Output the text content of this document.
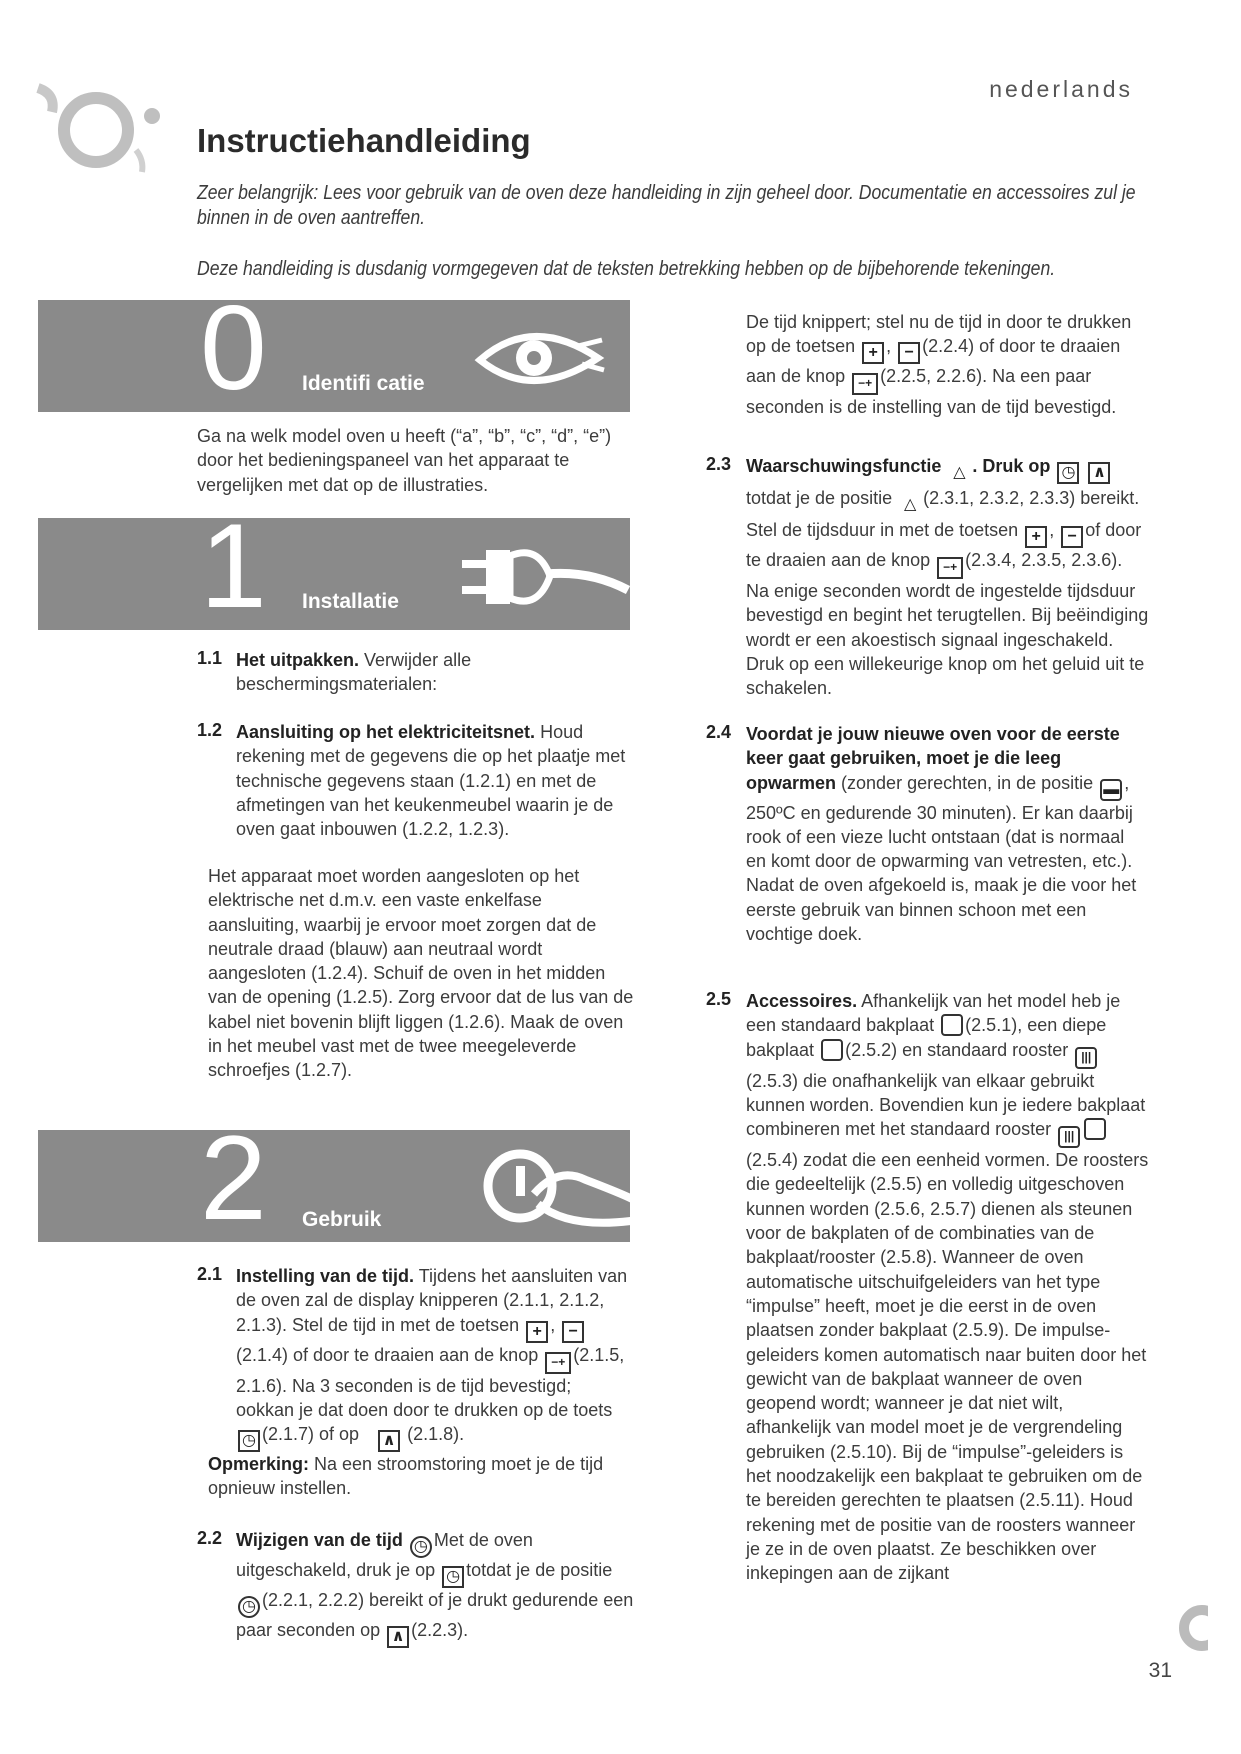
nederlands
Instructiehandleiding
Zeer belangrijk: Lees voor gebruik van de oven deze handleiding in zijn geheel door. Documentatie en accessoires zul je binnen in de oven aantreffen.
Deze handleiding is dusdanig vormgegeven dat de teksten betrekking hebben op de bijbehorende tekeningen.
0 Identifi catie

Ga na welk model oven u heeft (“a”, “b”, “c”, “d”, “e”) door het bedieningspaneel van het apparaat te vergelijken met dat op de illustraties.

1 Installatie
1.1 Het uitpakken. Verwijder alle beschermingsmaterialen:

1.2 Aansluiting op het elektriciteitsnet. Houd rekening met de gegevens die op het plaatje met technische gegevens staan (1.2.1) en met de afmetingen van het keukenmeubel waarin je de oven gaat inbouwen (1.2.2, 1.2.3).

Het apparaat moet worden aangesloten op het elektrische net d.m.v. een vaste enkelfase aansluiting, waarbij je ervoor moet zorgen dat de neutrale draad (blauw) aan neutraal wordt aangesloten (1.2.4). Schuif de oven in het midden van de opening (1.2.5). Zorg ervoor dat de lus van de kabel niet bovenin blijft liggen (1.2.6). Maak de oven in het meubel vast met de twee meegeleverde schroefjes (1.2.7).

2 Gebruik
2.1 Instelling van de tijd. Tijdens het aansluiten van de oven zal de display knipperen (2.1.1, 2.1.2, 2.1.3). Stel de tijd in met de toetsen + , −(2.1.4) of door te draaien aan de knop −+ (2.1.5, 2.1.6). Na 3 seconden is de tijd bevestigd; ookkan je dat doen door te drukken op de toets ◷ (2.1.7) of op ∧ (2.1.8).

Opmerking: Na een stroomstoring moet je de tijd opnieuw instellen.

2.2 Wijzigen van de tijd ◷ Met de oven uitgeschakeld, druk je op ◷ totdat je de positie ◷ (2.2.1, 2.2.2) bereikt of je drukt gedurende een paar seconden op ∧ (2.2.3).

De tijd knippert; stel nu de tijd in door te drukken op de toetsen + , − (2.2.4) of door te draaien aan de knop −+ (2.2.5, 2.2.6). Na een paar seconden is de instelling van de tijd bevestigd.

2.3 Waarschuwingsfunctie △ . Druk op ◷ ∧totdat je de positie △ (2.3.1, 2.3.2, 2.3.3) bereikt. Stel de tijdsduur in met de toetsen + , − of door te draaien aan de knop −+ (2.3.4, 2.3.5, 2.3.6). Na enige seconden wordt de ingestelde tijdsduur bevestigd en begint het terugtellen. Bij beëindiging wordt er een akoestisch signaal ingeschakeld. Druk op een willekeurige knop om het geluid uit te schakelen.

2.4 Voordat je jouw nieuwe oven voor de eerste keer gaat gebruiken, moet je die leeg opwarmen (zonder gerechten, in de positie ▬ , 250ºC en gedurende 30 minuten). Er kan daarbij rook of een vieze lucht ontstaan (dat is normaal en komt door de opwarming van vetresten, etc.). Nadat de oven afgekoeld is, maak je die voor het eerste gebruik van binnen schoon met een vochtige doek.

2.5 Accessoires. Afhankelijk van het model heb je een standaard bakplaat (2.5.1), een diepe bakplaat (2.5.2) en standaard rooster |||(2.5.3) die onafhankelijk van elkaar gebruikt kunnen worden. Bovendien kun je iedere bakplaat combineren met het standaard rooster |||(2.5.4) zodat die een eenheid vormen. De roosters die gedeeltelijk (2.5.5) en volledig uitgeschoven kunnen worden (2.5.6, 2.5.7) dienen als steunen voor de bakplaten of de combinaties van de bakplaat/rooster (2.5.8). Wanneer de oven automatische uitschuifgeleiders van het type “impulse” heeft, moet je die eerst in de oven plaatsen zonder bakplaat (2.5.9). De impulse-geleiders komen automatisch naar buiten door het gewicht van de bakplaat wanneer de oven geopend wordt; wanneer je dat niet wilt, afhankelijk van model moet je de vergrendeling gebruiken (2.5.10). Bij de “impulse”-geleiders is het noodzakelijk een bakplaat te gebruiken om de te bereiden gerechten te plaatsen (2.5.11). Houd rekening met de positie van de roosters wanneer je ze in de oven plaatst. Ze beschikken over inkepingen aan de zijkant

31
